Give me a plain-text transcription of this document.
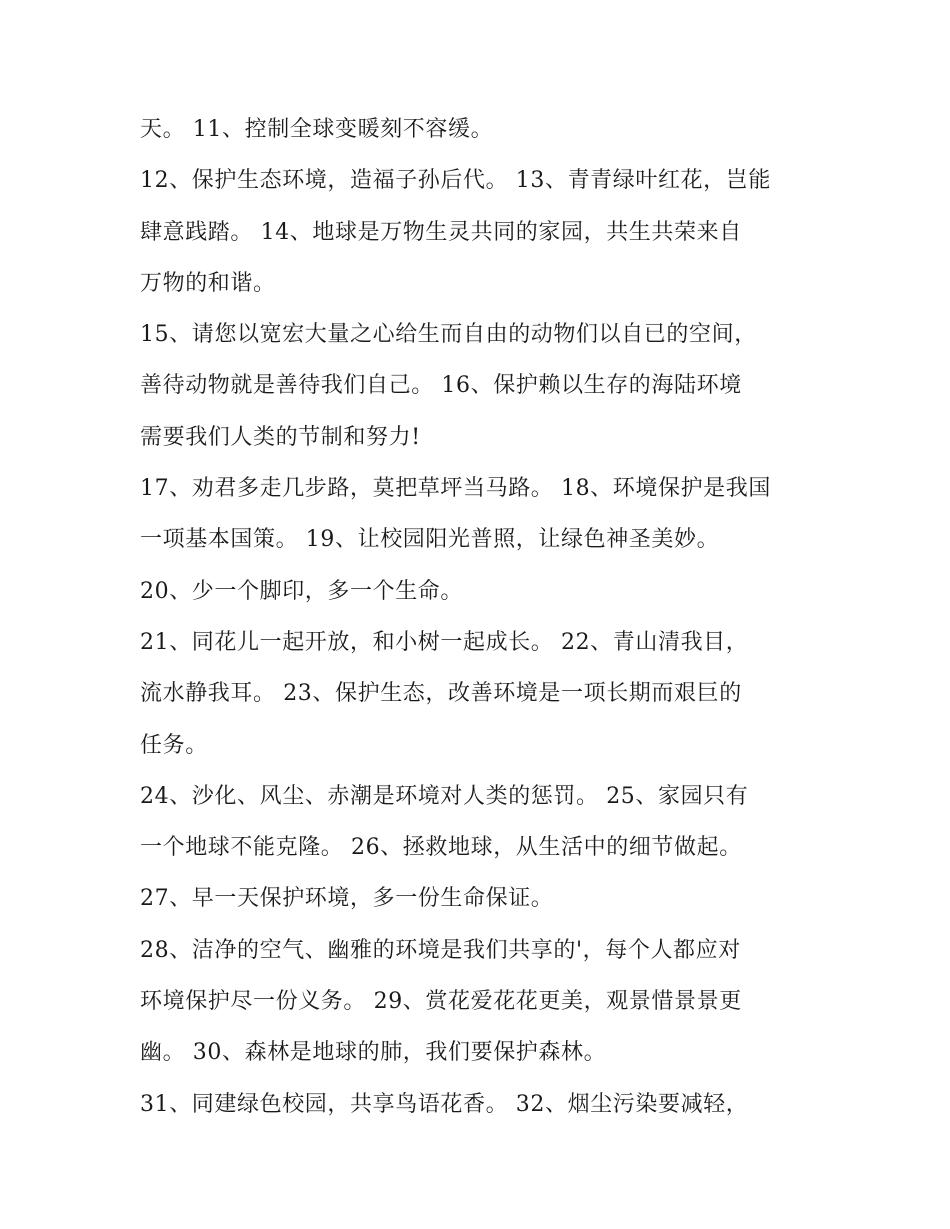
天。 11、控制全球变暖刻不容缓。
12、保护生态环境，造福子孙后代。 13、青青绿叶红花，岂能
肆意践踏。 14、地球是万物生灵共同的家园，共生共荣来自
万物的和谐。
15、请您以宽宏大量之心给生而自由的动物们以自已的空间，
善待动物就是善待我们自己。 16、保护赖以生存的海陆环境
需要我们人类的节制和努力!
17、劝君多走几步路，莫把草坪当马路。 18、环境保护是我国
一项基本国策。 19、让校园阳光普照，让绿色神圣美妙。
20、少一个脚印，多一个生命。
21、同花儿一起开放，和小树一起成长。 22、青山清我目，
流水静我耳。 23、保护生态，改善环境是一项长期而艰巨的
任务。
24、沙化、风尘、赤潮是环境对人类的惩罚。 25、家园只有
一个地球不能克隆。 26、拯救地球，从生活中的细节做起。
27、早一天保护环境，多一份生命保证。
28、洁净的空气、幽雅的环境是我们共享的'，每个人都应对
环境保护尽一份义务。 29、赏花爱花花更美，观景惜景景更
幽。 30、森林是地球的肺，我们要保护森林。
31、同建绿色校园，共享鸟语花香。 32、烟尘污染要减轻，
